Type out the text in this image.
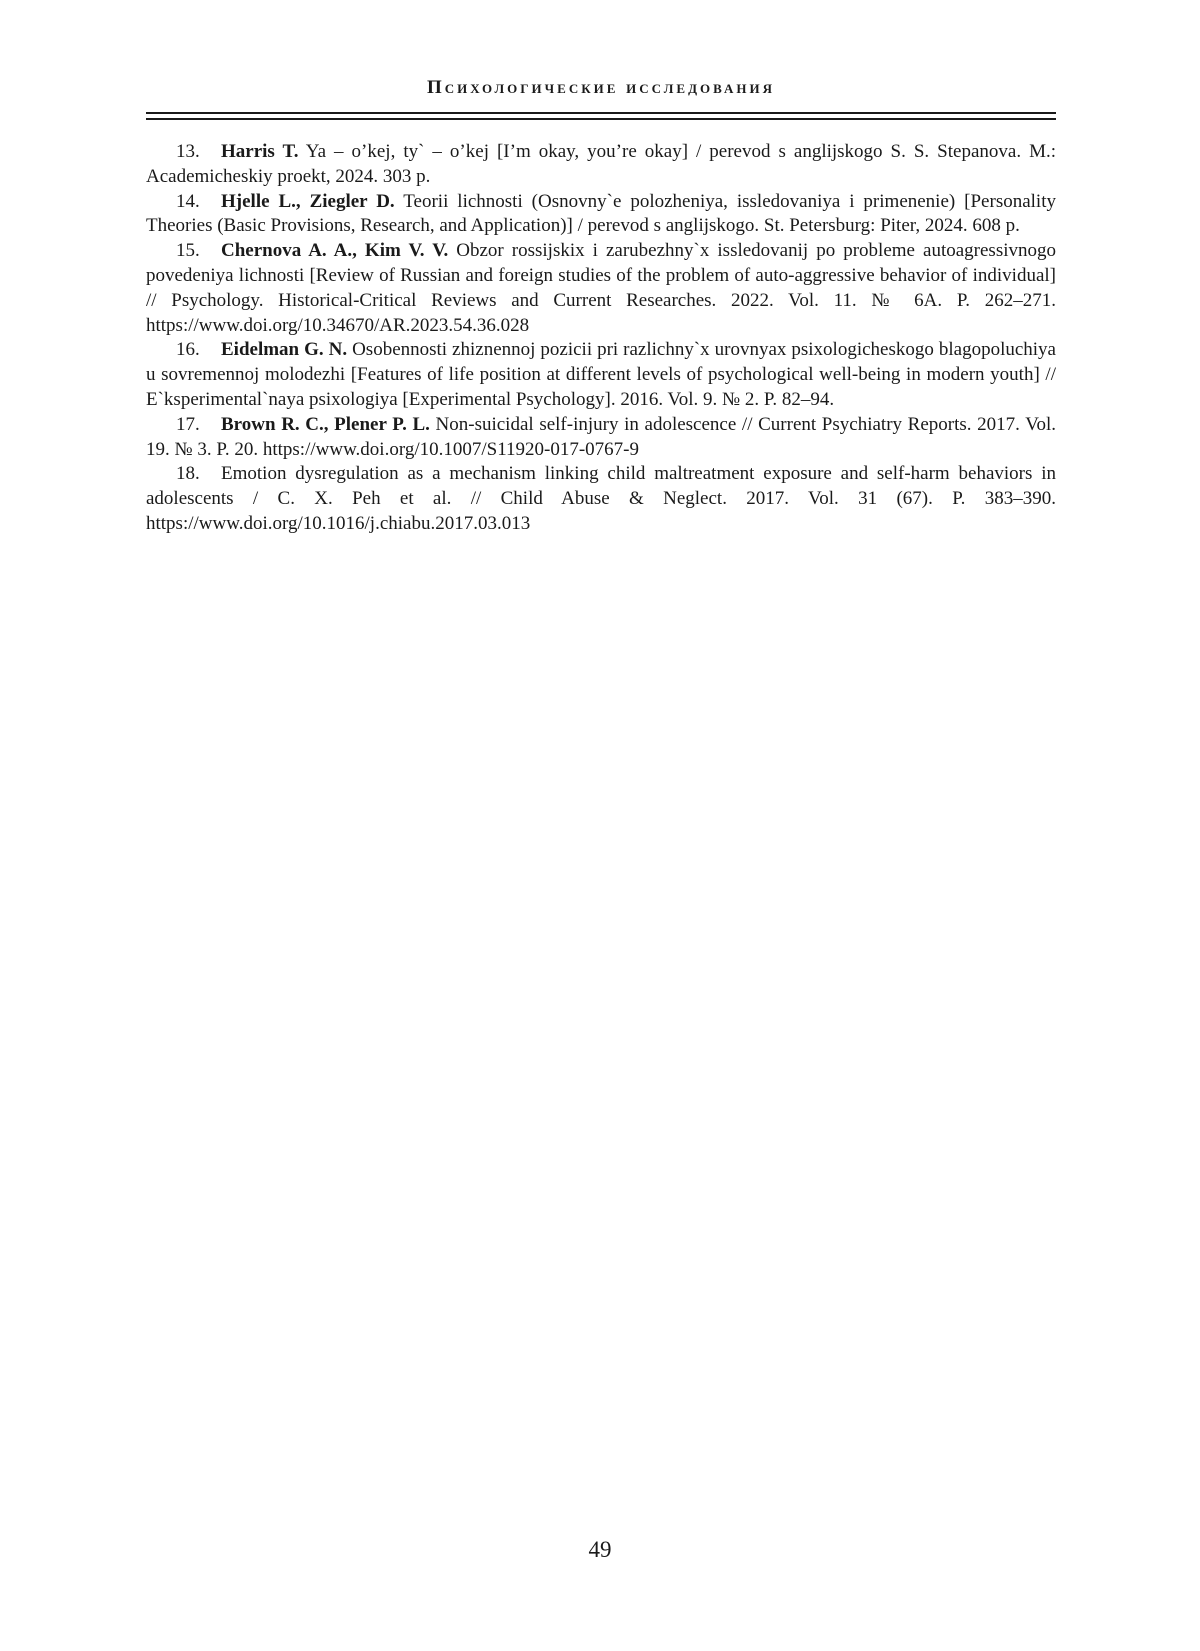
Психологические исследования

13. Harris T. Ya – o’kej, ty` – o’kej [I’m okay, you’re okay] / perevod s anglijskogo S. S. Stepanova. M.: Academicheskiy proekt, 2024. 303 p.

14. Hjelle L., Ziegler D. Teorii lichnosti (Osnovny`e polozheniya, issledovaniya i primenenie) [Personality Theories (Basic Provisions, Research, and Application)] / perevod s anglijskogo. St. Petersburg: Piter, 2024. 608 p.

15. Chernova A. A., Kim V. V. Obzor rossijskix i zarubezhny`x issledovanij po probleme autoagressivnogo povedeniya lichnosti [Review of Russian and foreign studies of the problem of auto-aggressive behavior of individual] // Psychology. Historical-Critical Reviews and Current Researches. 2022. Vol. 11. № 6A. P. 262–271. https://www.doi.org/10.34670/AR.2023.54.36.028

16. Eidelman G. N. Osobennosti zhiznennoj pozicii pri razlichny`x urovnyax psixologicheskogo blagopoluchiya u sovremennoj molodezhi [Features of life position at different levels of psychological well-being in modern youth] // E`ksperimental`naya psixologiya [Experimental Psychology]. 2016. Vol. 9. № 2. P. 82–94.

17. Brown R. C., Plener P. L. Non-suicidal self-injury in adolescence // Current Psychiatry Reports. 2017. Vol. 19. № 3. P. 20. https://www.doi.org/10.1007/S11920-017-0767-9

18. Emotion dysregulation as a mechanism linking child maltreatment exposure and self-harm behaviors in adolescents / C. X. Peh et al. // Child Abuse & Neglect. 2017. Vol. 31 (67). P. 383–390. https://www.doi.org/10.1016/j.chiabu.2017.03.013

49
